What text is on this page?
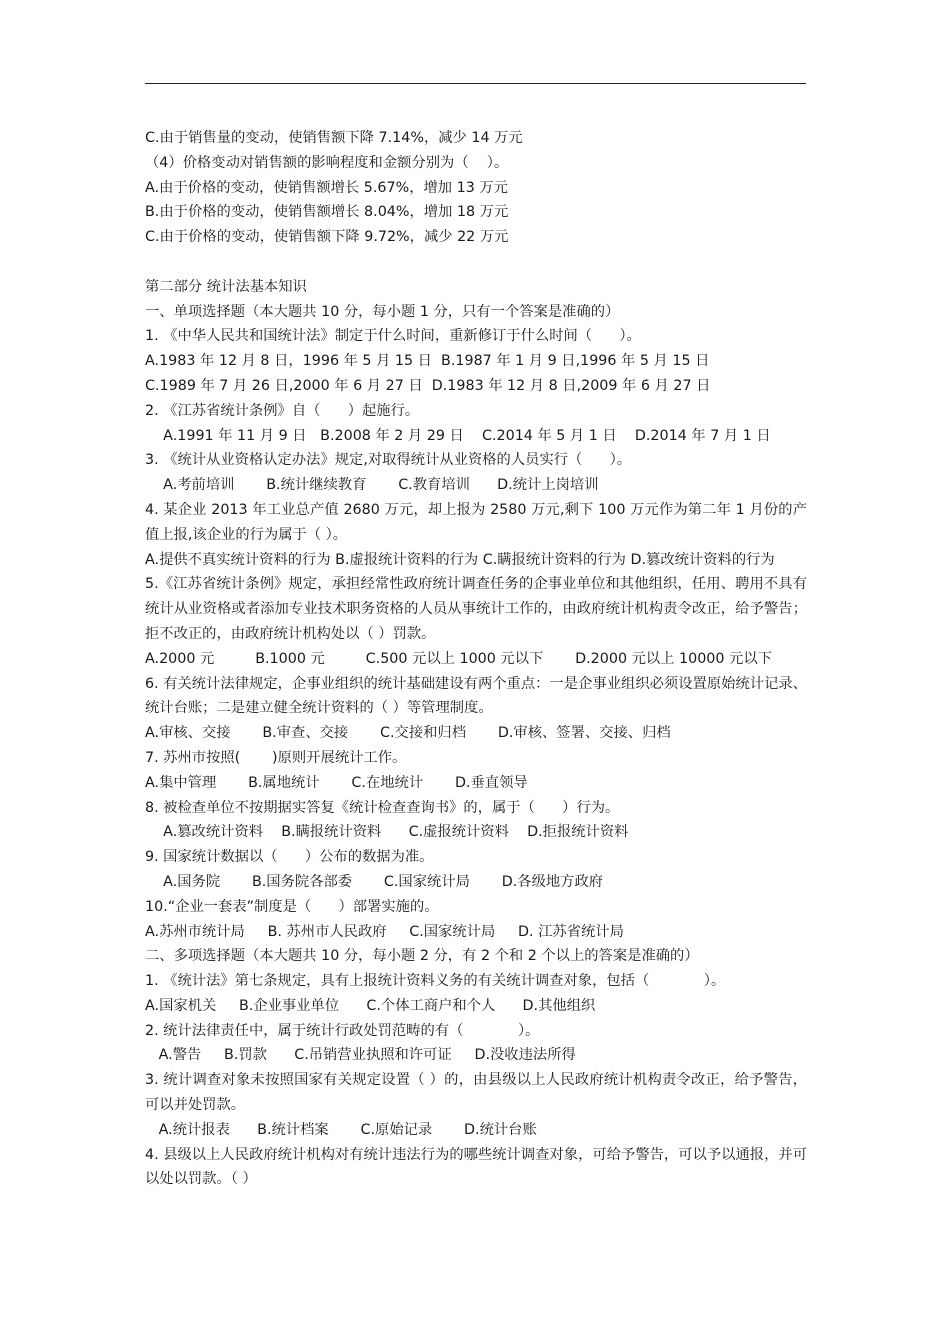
C.由于销售量的变动，使销售额下降 7.14%，减少 14 万元
（4）价格变动对销售额的影响程度和金额分别为（    ）。
A.由于价格的变动，使销售额增长 5.67%，增加 13 万元
B.由于价格的变动，使销售额增长 8.04%，增加 18 万元
C.由于价格的变动，使销售额下降 9.72%，减少 22 万元
第二部分 统计法基本知识
一、单项选择题（本大题共 10 分，每小题 1 分，只有一个答案是准确的）
1. 《中华人民共和国统计法》制定于什么时间，重新修订于什么时间（      ）。
A.1983 年 12 月 8 日，1996 年 5 月 15 日  B.1987 年 1 月 9 日,1996 年 5 月 15 日
C.1989 年 7 月 26 日,2000 年 6 月 27 日  D.1983 年 12 月 8 日,2009 年 6 月 27 日
2. 《江苏省统计条例》自（      ）起施行。
A.1991 年 11 月 9 日   B.2008 年 2 月 29 日    C.2014 年 5 月 1 日    D.2014 年 7 月 1 日
3. 《统计从业资格认定办法》规定,对取得统计从业资格的人员实行（      ）。
A.考前培训       B.统计继续教育       C.教育培训      D.统计上岗培训
4. 某企业 2013 年工业总产值 2680 万元，却上报为 2580 万元,剩下 100 万元作为第二年 1 月份的产值上报,该企业的行为属于（ ）。
A.提供不真实统计资料的行为 B.虚报统计资料的行为 C.瞒报统计资料的行为 D.篡改统计资料的行为
5.《江苏省统计条例》规定，承担经常性政府统计调查任务的企事业单位和其他组织，任用、聘用不具有统计从业资格或者添加专业技术职务资格的人员从事统计工作的，由政府统计机构责令改正，给予警告；拒不改正的，由政府统计机构处以（ ）罚款。
A.2000 元         B.1000 元         C.500 元以上 1000 元以下       D.2000 元以上 10000 元以下
6. 有关统计法律规定，企事业组织的统计基础建设有两个重点：一是企事业组织必须设置原始统计记录、统计台账；二是建立健全统计资料的（ ）等管理制度。
A.审核、交接       B.审查、交接       C.交接和归档       D.审核、签署、交接、归档
7. 苏州市按照(       )原则开展统计工作。
A.集中管理       B.属地统计       C.在地统计       D.垂直领导
8. 被检查单位不按期据实答复《统计检查查询书》的，属于（      ）行为。
A.篡改统计资料    B.瞒报统计资料      C.虚报统计资料    D.拒报统计资料
9. 国家统计数据以（      ）公布的数据为准。
A.国务院       B.国务院各部委       C.国家统计局       D.各级地方政府
10.“企业一套表”制度是（      ）部署实施的。
A.苏州市统计局     B. 苏州市人民政府     C.国家统计局     D. 江苏省统计局
二、多项选择题（本大题共 10 分，每小题 2 分，有 2 个和 2 个以上的答案是准确的）
1. 《统计法》第七条规定，具有上报统计资料义务的有关统计调查对象，包括（            ）。
A.国家机关     B.企业事业单位      C.个体工商户和个人      D.其他组织
2. 统计法律责任中，属于统计行政处罚范畴的有（            ）。
A.警告     B.罚款      C.吊销营业执照和许可证     D.没收违法所得
3. 统计调查对象未按照国家有关规定设置（ ）的，由县级以上人民政府统计机构责令改正，给予警告，可以并处罚款。
A.统计报表      B.统计档案       C.原始记录       D.统计台账
4. 县级以上人民政府统计机构对有统计违法行为的哪些统计调查对象，可给予警告，可以予以通报，并可以处以罚款。（ ）
